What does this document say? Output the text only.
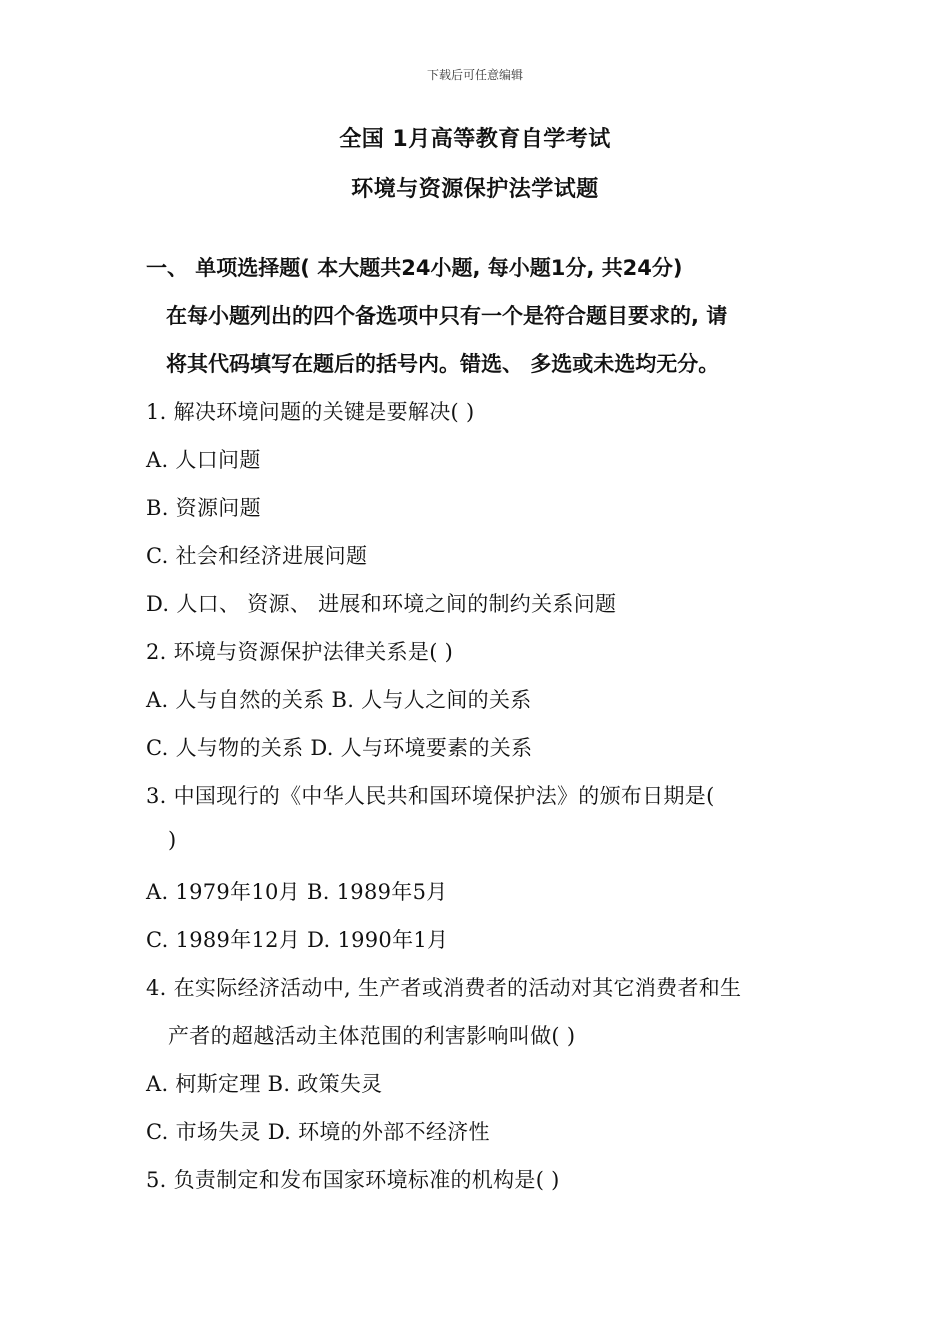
下载后可任意编辑
全国 1月高等教育自学考试
环境与资源保护法学试题
一、 单项选择题( 本大题共24小题, 每小题1分, 共24分)
在每小题列出的四个备选项中只有一个是符合题目要求的, 请
将其代码填写在题后的括号内。错选、 多选或未选均无分。
1. 解决环境问题的关键是要解决( )
A. 人口问题
B. 资源问题
C. 社会和经济进展问题
D. 人口、 资源、 进展和环境之间的制约关系问题
2. 环境与资源保护法律关系是( )
A. 人与自然的关系 B. 人与人之间的关系
C. 人与物的关系 D. 人与环境要素的关系
3. 中国现行的《中华人民共和国环境保护法》的颁布日期是(
)
A. 1979年10月 B. 1989年5月
C. 1989年12月 D. 1990年1月
4. 在实际经济活动中, 生产者或消费者的活动对其它消费者和生
产者的超越活动主体范围的利害影响叫做( )
A. 柯斯定理 B. 政策失灵
C. 市场失灵 D. 环境的外部不经济性
5. 负责制定和发布国家环境标准的机构是( )
